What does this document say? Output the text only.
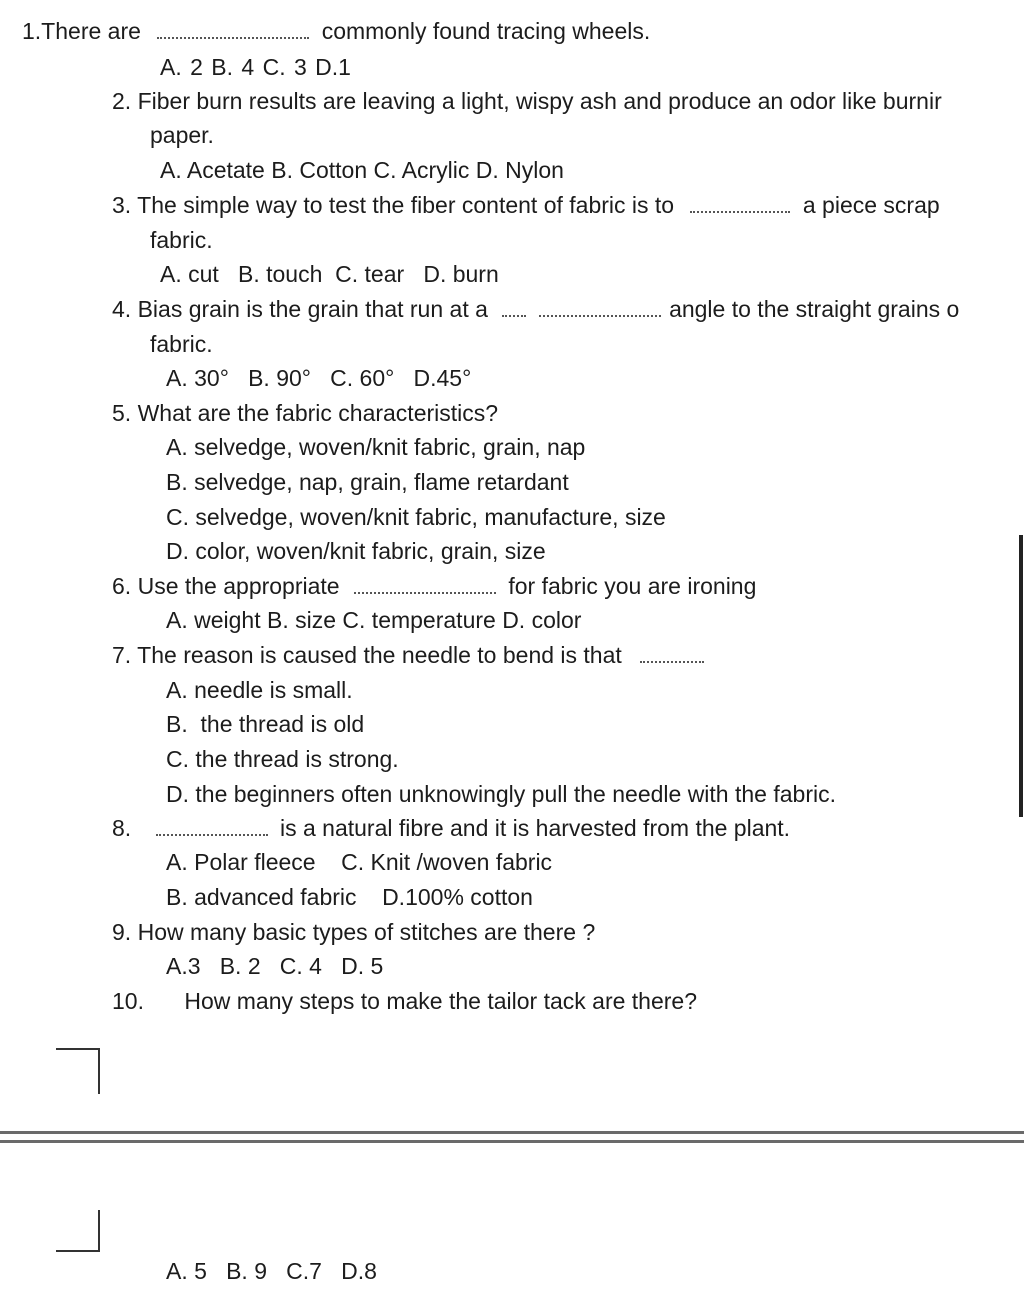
1.There are	commonly found tracing wheels.
A. 2 B. 4 C. 3 D.1
2. Fiber burn results are leaving a light, wispy ash and produce an odor like burnir
paper.
A. Acetate B. Cotton C. Acrylic D. Nylon
3. The simple way to test the fiber content of fabric is to	a piece scrap
fabric.
A. cut   B. touch  C. tear   D. burn
4. Bias grain is the grain that run at a	angle to the straight grains o
fabric.
A. 30°   B. 90°   C. 60°   D.45°
5. What are the fabric characteristics?
A. selvedge, woven/knit fabric, grain, nap
B. selvedge, nap, grain, flame retardant
C. selvedge, woven/knit fabric, manufacture, size
D. color, woven/knit fabric, grain, size
6. Use the appropriate	for fabric you are ironing
A. weight B. size C. temperature D. color
7. The reason is caused the needle to bend is that
A. needle is small.
B.  the thread is old
C. the thread is strong.
D. the beginners often unknowingly pull the needle with the fabric.
8.	is a natural fibre and it is harvested from the plant.
A. Polar fleece    C. Knit /woven fabric
B. advanced fabric    D.100% cotton
9. How many basic types of stitches are there ?
A.3   B. 2   C. 4   D. 5
10. How many steps to make the tailor tack are there?
A. 5   B. 9   C.7   D.8
